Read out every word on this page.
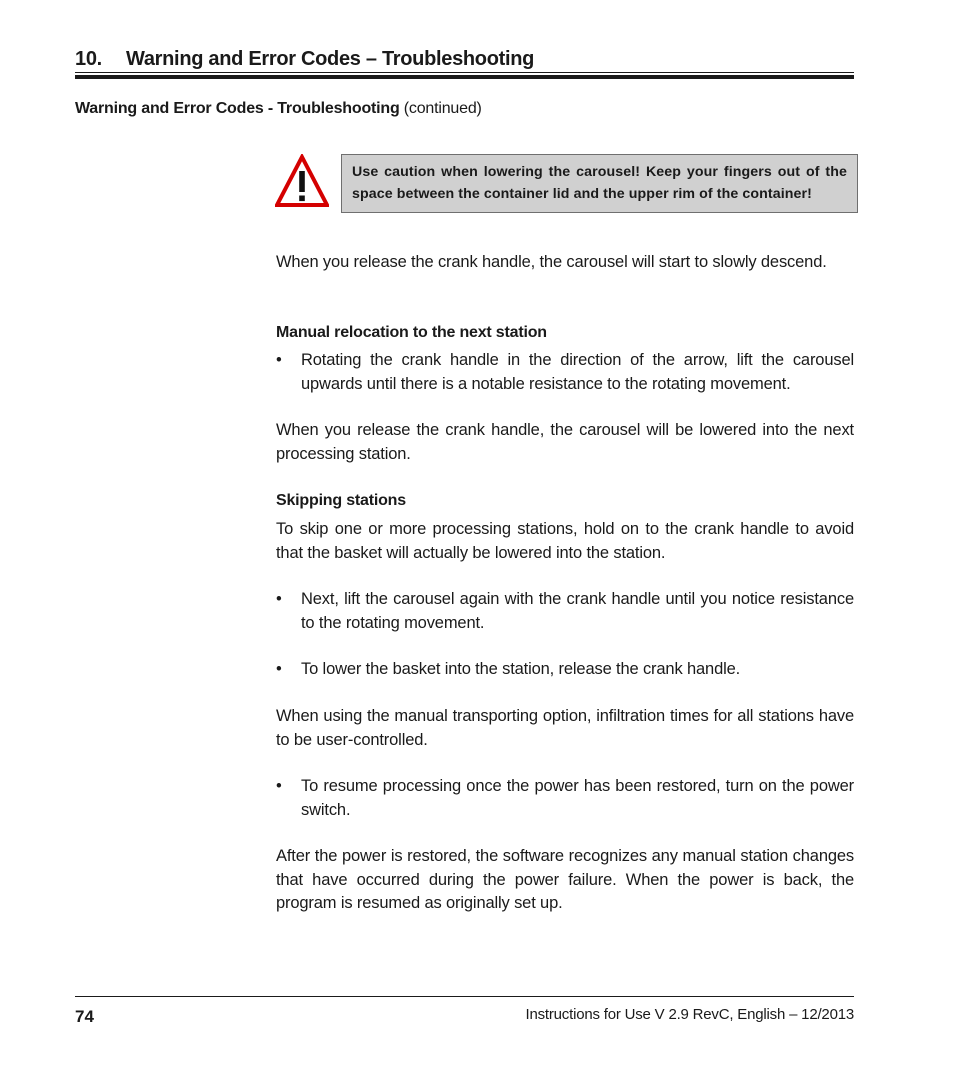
10. Warning and Error Codes – Troubleshooting
Warning and Error Codes - Troubleshooting (continued)
Use caution when lowering the carousel! Keep your fingers out of the space between the container lid and the upper rim of the container!
When you release the crank handle, the carousel will start to slowly descend.
Manual relocation to the next station
• Rotating the crank handle in the direction of the arrow, lift the carousel upwards until there is a notable resistance to the rotating movement.
When you release the crank handle, the carousel will be lowered into the next processing station.
Skipping stations
To skip one or more processing stations, hold on to the crank handle to avoid that the basket will actually be lowered into the station.
• Next, lift the carousel again with the crank handle until you notice resistance to the rotating movement.
• To lower the basket into the station, release the crank handle.
When using the manual transporting option, infiltration times for all stations have to be user-controlled.
• To resume processing once the power has been restored, turn on the power switch.
After the power is restored, the software recognizes any manual station changes that have occurred during the power failure. When the power is back, the program is resumed as originally set up.
74	Instructions for Use V 2.9 RevC, English – 12/2013
